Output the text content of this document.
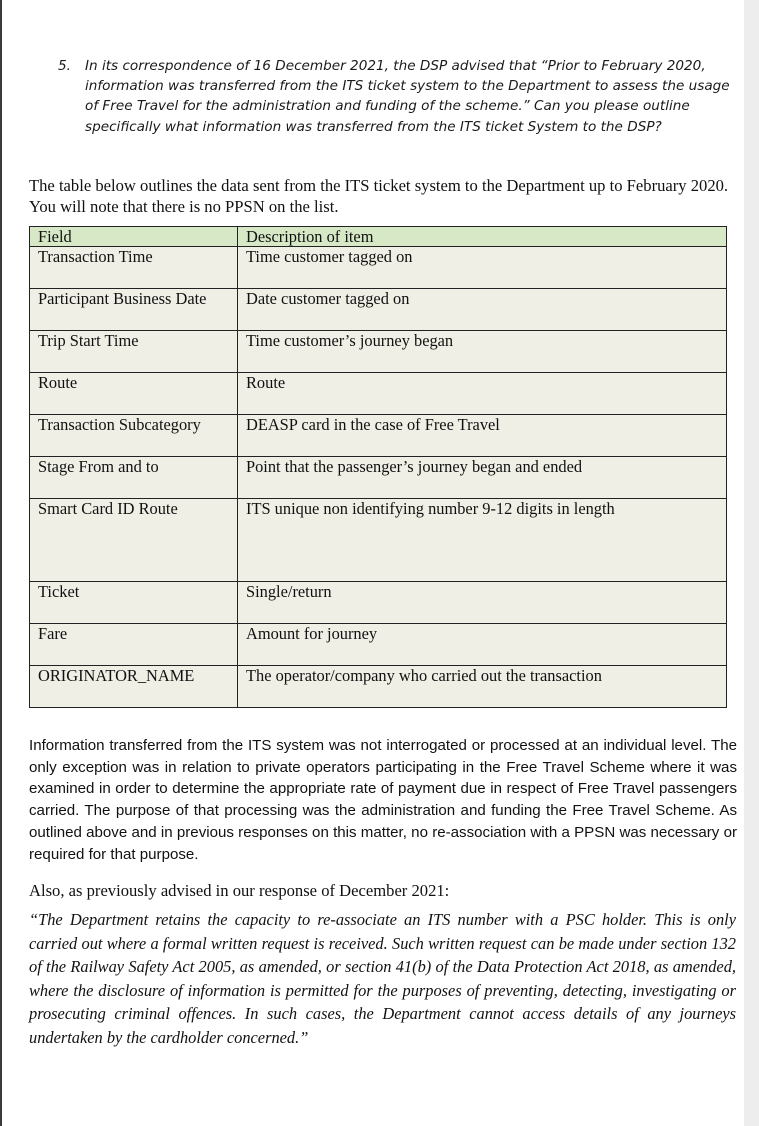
5. In its correspondence of 16 December 2021, the DSP advised that “Prior to February 2020, information was transferred from the ITS ticket system to the Department to assess the usage of Free Travel for the administration and funding of the scheme.” Can you please outline specifically what information was transferred from the ITS ticket System to the DSP?
The table below outlines the data sent from the ITS ticket system to the Department up to February 2020. You will note that there is no PPSN on the list.
Field	Description of item
Transaction Time	Time customer tagged on
Participant Business Date	Date customer tagged on
Trip Start Time	Time customer’s journey began
Route	Route
Transaction Subcategory	DEASP card in the case of Free Travel
Stage From and to	Point that the passenger’s journey began and ended
Smart Card ID Route	ITS unique non identifying number 9-12 digits in length
Ticket	Single/return
Fare	Amount for journey
ORIGINATOR_NAME	The operator/company who carried out the transaction
Information transferred from the ITS system was not interrogated or processed at an individual level. The only exception was in relation to private operators participating in the Free Travel Scheme where it was examined in order to determine the appropriate rate of payment due in respect of Free Travel passengers carried. The purpose of that processing was the administration and funding the Free Travel Scheme. As outlined above and in previous responses on this matter, no re-association with a PPSN was necessary or required for that purpose.
Also, as previously advised in our response of December 2021:
“The Department retains the capacity to re-associate an ITS number with a PSC holder. This is only carried out where a formal written request is received. Such written request can be made under section 132 of the Railway Safety Act 2005, as amended, or section 41(b) of the Data Protection Act 2018, as amended, where the disclosure of information is permitted for the purposes of preventing, detecting, investigating or prosecuting criminal offences. In such cases, the Department cannot access details of any journeys undertaken by the cardholder concerned.”
